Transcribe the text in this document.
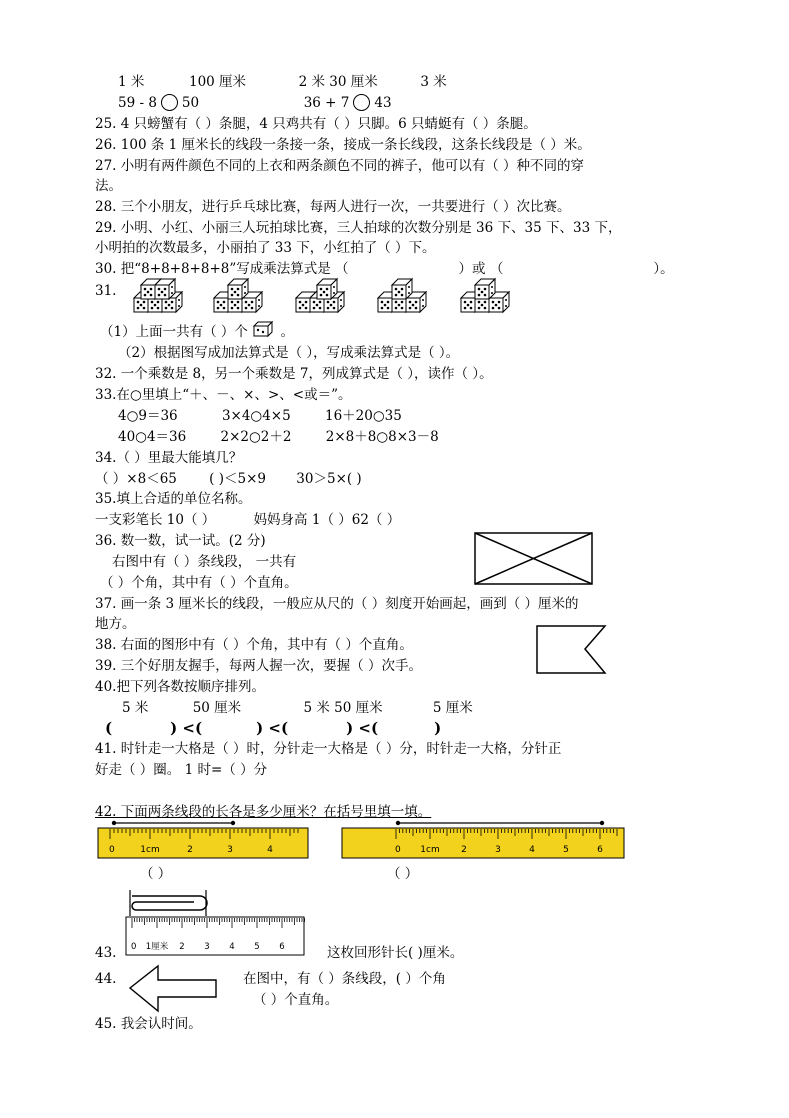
1 米	100 厘米	2 米 30 厘米	3 米
59 - 8 50	36 + 7 43
25. 4 只螃蟹有（ ）条腿，4 只鸡共有（ ）只脚。6 只蜻蜓有（ ）条腿。
26. 100 条 1 厘米长的线段一条接一条，接成一条长线段，这条长线段是（ ）米。
27. 小明有两件颜色不同的上衣和两条颜色不同的裤子，他可以有（ ）种不同的穿
法。
28. 三个小朋友，进行乒乓球比赛，每两人进行一次，一共要进行（ ）次比赛。
29. 小明、小红、小丽三人玩拍球比赛，三人拍球的次数分别是 36 下、35 下、33 下，
小明拍的次数最多，小丽拍了 33 下，小红拍了（ ）下。
30. 把“8+8+8+8+8”写成乘法算式是 （	）或 （	）。
31.
（1）上面一共有（ ）个 。
（2）根据图写成加法算式是（ ），写成乘法算式是（ ）。
32. 一个乘数是 8，另一个乘数是 7，列成算式是（ ），读作（ ）。
33.在○里填上“＋、－、×、>、<或＝”。
4○9＝36	3×4○4×5	16＋20○35
40○4＝36	2×2○2＋2	2×8＋8○8×3－8
34.（ ）里最大能填几？
（ ）×8＜65 ( )＜5×9 30＞5×( )
35.填上合适的单位名称。
一支彩笔长 10（ ）	妈妈身高 1（ ）62（ ）
36. 数一数，试一试。(2 分)
右图中有（ ）条线段， 一共有
（ ）个角，其中有（ ）个直角。
37. 画一条 3 厘米长的线段，一般应从尺的（ ）刻度开始画起，画到（ ）厘米的
地方。
38. 右面的图形中有（ ）个角，其中有（ ）个直角。
39. 三个好朋友握手，每两人握一次，要握（ ）次手。
40.把下列各数按顺序排列。
5 米	50 厘米	5 米 50 厘米	5 厘米
(	) <(	) <(	) <(	)
41. 时针走一大格是（ ）时，分针走一大格是（ ）分，时针走一大格，分针正
好走（ ）圈。 1 时=（ ）分
42. 下面两条线段的长各是多少厘米？在括号里填一填。
0	1cm	2	3	4	0 1cm 2	3	4	5	6
（ ）	（ ）
0 1厘米 2 3 4 5 6
43.	这枚回形针长( )厘米。
44.	在图中，有（ ）条线段，( ）个角
（ ）个直角。
45. 我会认时间。
